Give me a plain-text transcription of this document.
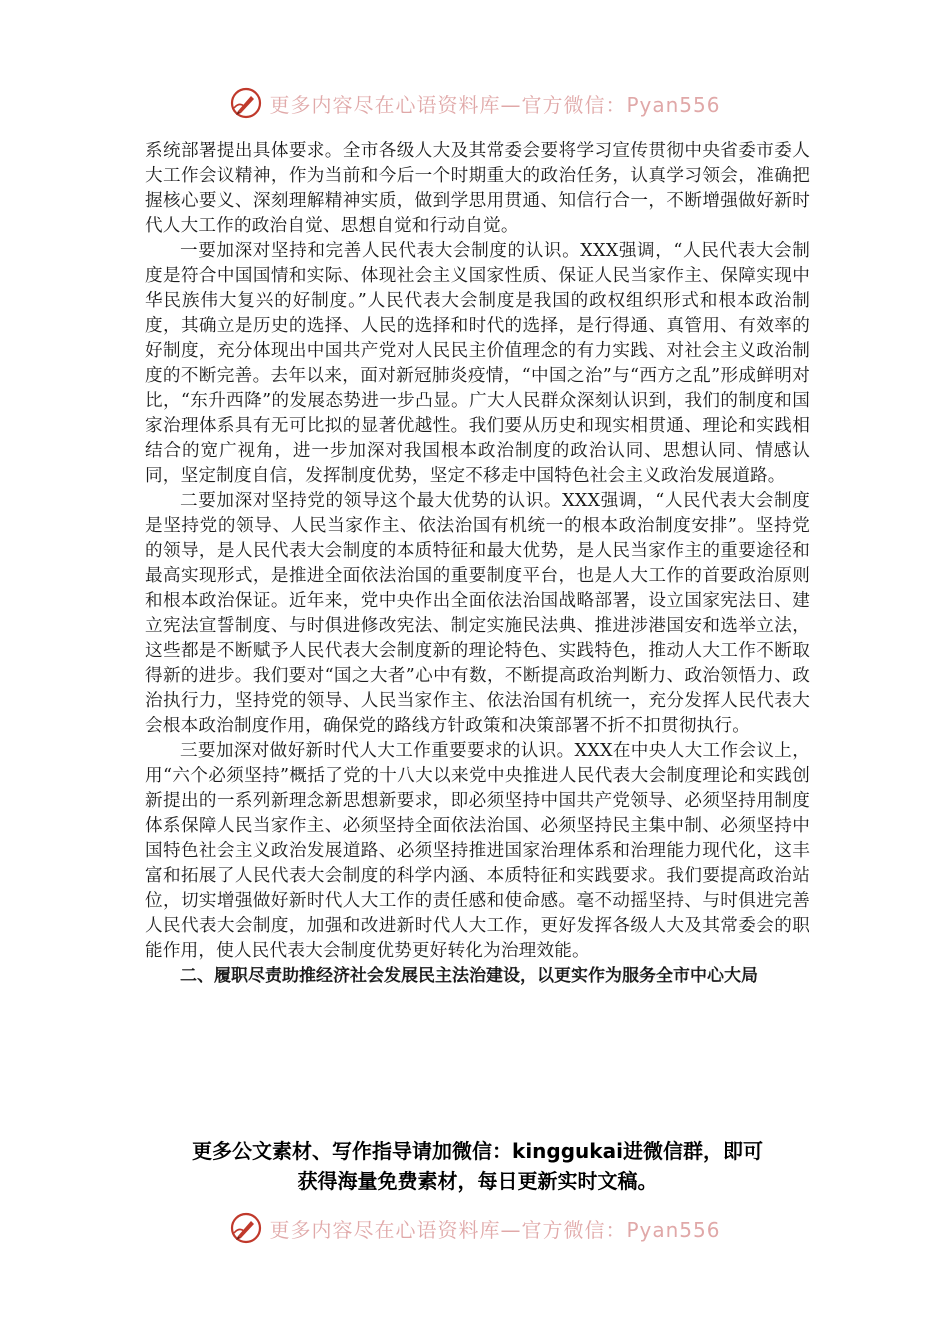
更多内容尽在心语资料库—官方微信：Pyan556

系统部署提出具体要求。全市各级人大及其常委会要将学习宣传贯彻中央省委市委人大工作会议精神，作为当前和今后一个时期重大的政治任务，认真学习领会，准确把握核心要义、深刻理解精神实质，做到学思用贯通、知信行合一，不断增强做好新时代人大工作的政治自觉、思想自觉和行动自觉。

一要加深对坚持和完善人民代表大会制度的认识。XXX强调，“人民代表大会制度是符合中国国情和实际、体现社会主义国家性质、保证人民当家作主、保障实现中华民族伟大复兴的好制度。”人民代表大会制度是我国的政权组织形式和根本政治制度，其确立是历史的选择、人民的选择和时代的选择，是行得通、真管用、有效率的好制度，充分体现出中国共产党对人民民主价值理念的有力实践、对社会主义政治制度的不断完善。去年以来，面对新冠肺炎疫情，“中国之治”与“西方之乱”形成鲜明对比，“东升西降”的发展态势进一步凸显。广大人民群众深刻认识到，我们的制度和国家治理体系具有无可比拟的显著优越性。我们要从历史和现实相贯通、理论和实践相结合的宽广视角，进一步加深对我国根本政治制度的政治认同、思想认同、情感认同，坚定制度自信，发挥制度优势，坚定不移走中国特色社会主义政治发展道路。

二要加深对坚持党的领导这个最大优势的认识。XXX强调，“人民代表大会制度是坚持党的领导、人民当家作主、依法治国有机统一的根本政治制度安排”。坚持党的领导，是人民代表大会制度的本质特征和最大优势，是人民当家作主的重要途径和最高实现形式，是推进全面依法治国的重要制度平台，也是人大工作的首要政治原则和根本政治保证。近年来，党中央作出全面依法治国战略部署，设立国家宪法日、建立宪法宣誓制度、与时俱进修改宪法、制定实施民法典、推进涉港国安和选举立法，这些都是不断赋予人民代表大会制度新的理论特色、实践特色，推动人大工作不断取得新的进步。我们要对“国之大者”心中有数，不断提高政治判断力、政治领悟力、政治执行力，坚持党的领导、人民当家作主、依法治国有机统一，充分发挥人民代表大会根本政治制度作用，确保党的路线方针政策和决策部署不折不扣贯彻执行。

三要加深对做好新时代人大工作重要要求的认识。XXX在中央人大工作会议上，用“六个必须坚持”概括了党的十八大以来党中央推进人民代表大会制度理论和实践创新提出的一系列新理念新思想新要求，即必须坚持中国共产党领导、必须坚持用制度体系保障人民当家作主、必须坚持全面依法治国、必须坚持民主集中制、必须坚持中国特色社会主义政治发展道路、必须坚持推进国家治理体系和治理能力现代化，这丰富和拓展了人民代表大会制度的科学内涵、本质特征和实践要求。我们要提高政治站位，切实增强做好新时代人大工作的责任感和使命感。毫不动摇坚持、与时俱进完善人民代表大会制度，加强和改进新时代人大工作，更好发挥各级人大及其常委会的职能作用，使人民代表大会制度优势更好转化为治理效能。

二、履职尽责助推经济社会发展民主法治建设，以更实作为服务全市中心大局

更多公文素材、写作指导请加微信：kinggukai进微信群，即可
获得海量免费素材，每日更新实时文稿。
更多内容尽在心语资料库—官方微信：Pyan556
